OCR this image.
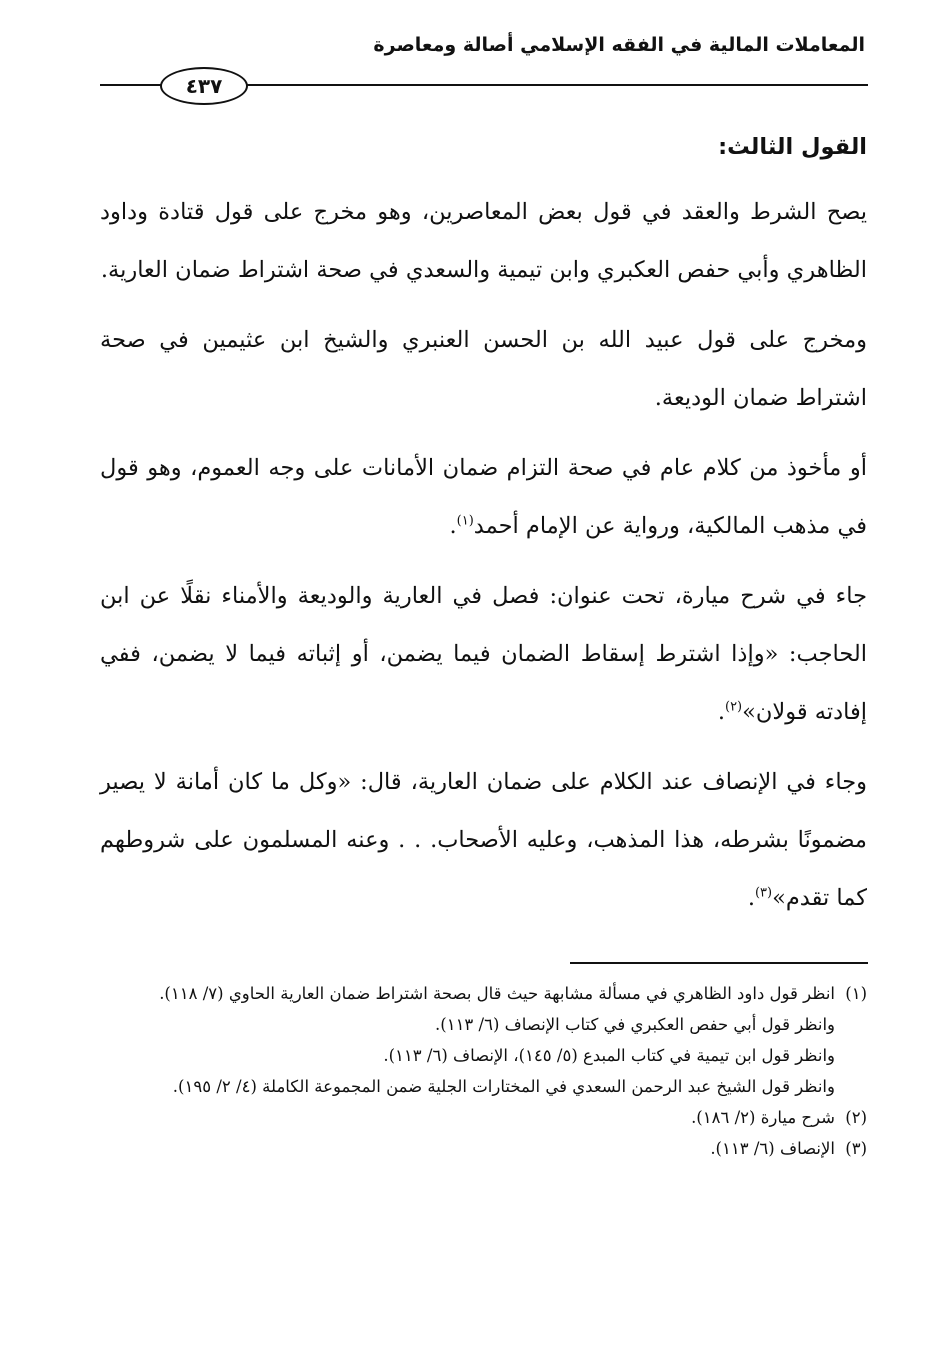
المعاملات المالية في الفقه الإسلامي أصالة ومعاصرة
٤٣٧
القول الثالث:

يصح الشرط والعقد في قول بعض المعاصرين، وهو مخرج على قول قتادة وداود الظاهري وأبي حفص العكبري وابن تيمية والسعدي في صحة اشتراط ضمان العارية.

ومخرج على قول عبيد الله بن الحسن العنبري والشيخ ابن عثيمين في صحة اشتراط ضمان الوديعة.

أو مأخوذ من كلام عام في صحة التزام ضمان الأمانات على وجه العموم، وهو قول في مذهب المالكية، ورواية عن الإمام أحمد$^{(١)}$.

جاء في شرح ميارة، تحت عنوان: فصل في العارية والوديعة والأمناء نقلًا عن ابن الحاجب: «وإذا اشترط إسقاط الضمان فيما يضمن، أو إثباته فيما لا يضمن، ففي إفادته قولان»$^{(٢)}$.

وجاء في الإنصاف عند الكلام على ضمان العارية، قال: «وكل ما كان أمانة لا يصير مضمونًا بشرطه، هذا المذهب، وعليه الأصحاب. . . وعنه المسلمون على شروطهم كما تقدم»$^{(٣)}$.

(١)

انظر قول داود الظاهري في مسألة مشابهة حيث قال بصحة اشتراط ضمان العارية الحاوي (٧/ ١١٨).

وانظر قول أبي حفص العكبري في كتاب الإنصاف (٦/ ١١٣).

وانظر قول ابن تيمية في كتاب المبدع (٥/ ١٤٥)، الإنصاف (٦/ ١١٣).

وانظر قول الشيخ عبد الرحمن السعدي في المختارات الجلية ضمن المجموعة الكاملة (٤/ ٢/ ١٩٥).

(٢)

شرح ميارة (٢/ ١٨٦).

(٣)

الإنصاف (٦/ ١١٣).
